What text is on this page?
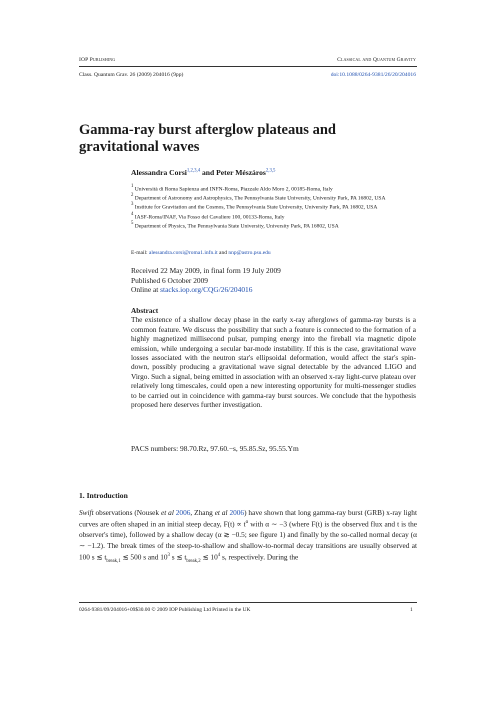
IOP Publishing	Classical and Quantum Gravity
Class. Quantum Grav. 26 (2009) 204016 (9pp)	doi:10.1088/0264-9381/26/20/204016
Gamma-ray burst afterglow plateaus and gravitational waves
Alessandra Corsi$^{1,2,3,4}$ and Peter Mészáros$^{2,3,5}$
$^1$ Università di Roma Sapienza and INFN-Roma, Piazzale Aldo Moro 2, 00185-Roma, Italy
$^2$ Department of Astronomy and Astrophysics, The Pennsylvania State University, University Park, PA 16802, USA
$^3$ Institute for Gravitation and the Cosmos, The Pennsylvania State University, University Park, PA 16802, USA
$^4$ IASF-Roma/INAF, Via Fosso del Cavaliere 100, 00133-Roma, Italy
$^5$ Department of Physics, The Pennsylvania State University, University Park, PA 16802, USA
E-mail: alessandra.corsi@roma1.infn.it and nnp@astro.psu.edu
Received 22 May 2009, in final form 19 July 2009
Published 6 October 2009
Online at stacks.iop.org/CQG/26/204016
Abstract
The existence of a shallow decay phase in the early x-ray afterglows of gamma-ray bursts is a common feature. We discuss the possibility that such a feature is connected to the formation of a highly magnetized millisecond pulsar, pumping energy into the fireball via magnetic dipole emission, while undergoing a secular bar-mode instability. If this is the case, gravitational wave losses associated with the neutron star's ellipsoidal deformation, would affect the star's spin-down, possibly producing a gravitational wave signal detectable by the advanced LIGO and Virgo. Such a signal, being emitted in association with an observed x-ray light-curve plateau over relatively long timescales, could open a new interesting opportunity for multi-messenger studies to be carried out in coincidence with gamma-ray burst sources. We conclude that the hypothesis proposed here deserves further investigation.
PACS numbers: 98.70.Rz, 97.60.−s, 95.85.Sz, 95.55.Ym
1. Introduction
Swift observations (Nousek et al 2006, Zhang et al 2006) have shown that long gamma-ray burst (GRB) x-ray light curves are often shaped in an initial steep decay, $F(t) \propto t^\alpha$ with α ∼ −3 (where F(t) is the observed flux and t is the observer's time), followed by a shallow decay (α ≳ −0.5; see figure 1) and finally by the so-called normal decay (α ∼ −1.2). The break times of the steep-to-shallow and shallow-to-normal decay transitions are usually observed at 100 s ≲ $t_{break,1}$ ≲ 500 s and $10^3$ s ≲ $t_{break,2}$ ≲ $10^4$ s, respectively. During the
0264-9381/09/204016+09$30.00 © 2009 IOP Publishing Ltd Printed in the UK	1
